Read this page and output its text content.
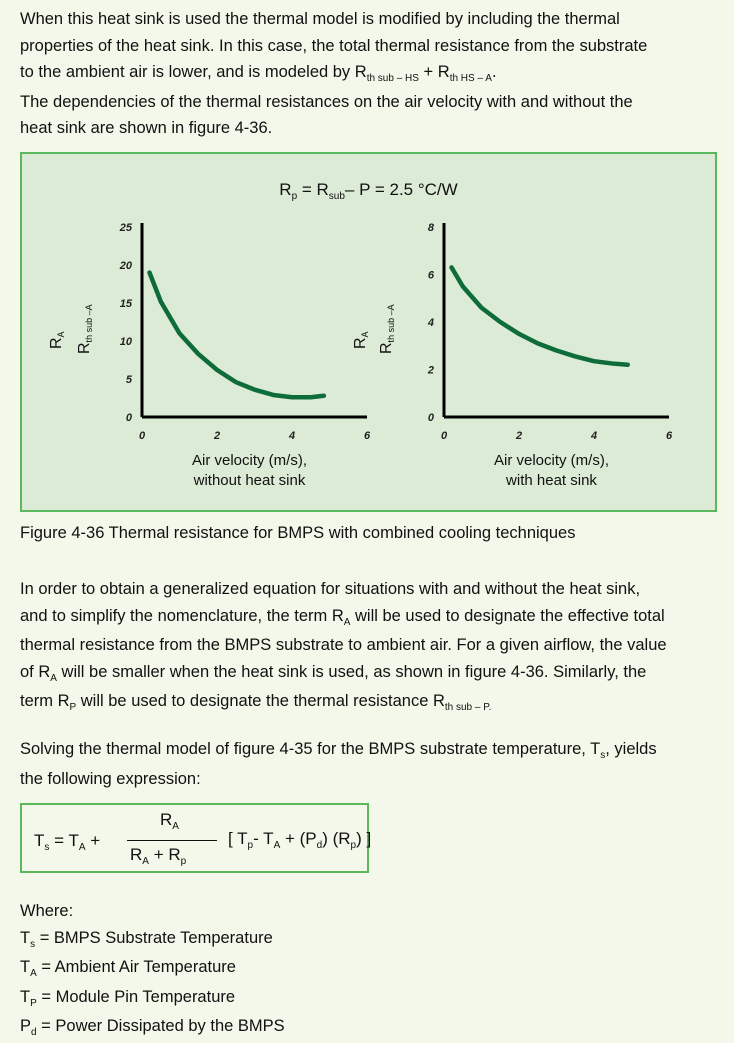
When this heat sink is used the thermal model is modified by including the thermal
properties of the heat sink. In this case, the total thermal resistance from the substrate
to the ambient air is lower, and is modeled by $R_{th sub - HS} + R_{th HS - A}$.
The dependencies of the thermal resistances on the air velocity with and without the
heat sink are shown in figure 4-36.
$R_p = R_{sub}-$ P = 2.5 °C/W
RA
Rth sub –A
RA
Rth sub –A
0
5
10
15
20
25
0	2	4	6
Air velocity (m/s),
without heat sink
0
2
4
6
8
0	2	4	6
Air velocity (m/s),
with heat sink
Figure 4-36 Thermal resistance for BMPS with combined cooling techniques
In order to obtain a generalized equation for situations with and without the heat sink,
and to simplify the nomenclature, the term $R_A$ will be used to designate the effective total
thermal resistance from the BMPS substrate to ambient air. For a given airflow, the value
of $R_A$ will be smaller when the heat sink is used, as shown in figure 4-36. Similarly, the
term $R_P$ will be used to designate the thermal resistance $R_{th sub - P.}$
Solving the thermal model of figure 4-35 for the BMPS substrate temperature, $T_s$, yields
the following expression:
$T_s = T_A$ +
$R_A$
$R_A + R_p$
[ $T_p-$ $T_A + (P_d)$ $(R_p)$ ]
Where:
$T_s$ = BMPS Substrate Temperature
$T_A$ = Ambient Air Temperature
$T_P$ = Module Pin Temperature
$P_d$ = Power Dissipated by the BMPS
